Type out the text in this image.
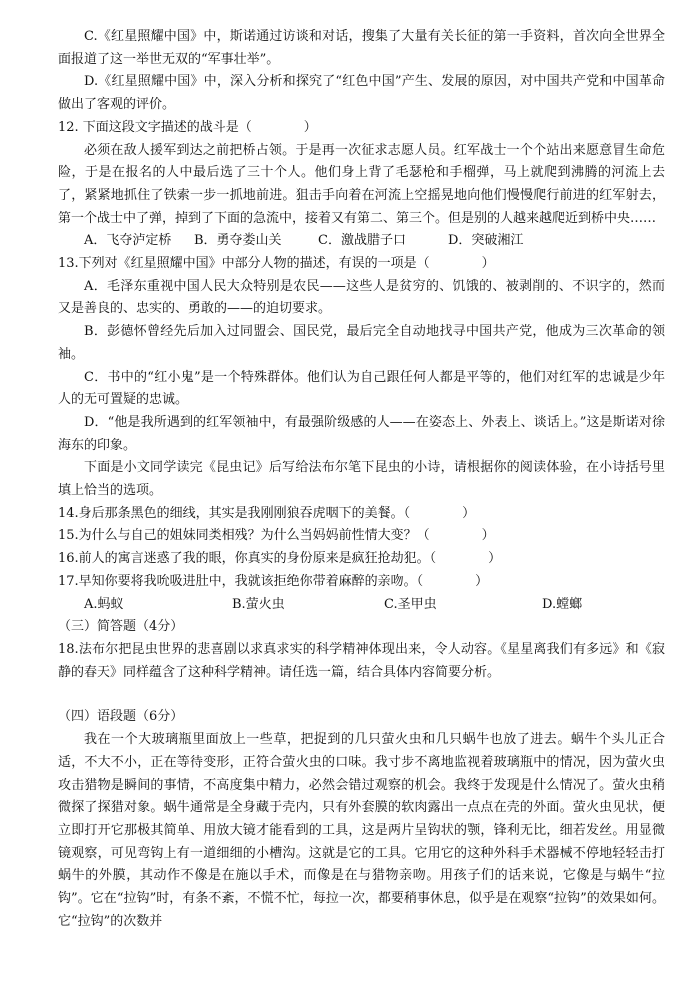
C.《红星照耀中国》中，斯诺通过访谈和对话，搜集了大量有关长征的第一手资料，首次向全世界全面报道了这一举世无双的“军事壮举”。

D.《红星照耀中国》中，深入分析和探究了“红色中国”产生、发展的原因，对中国共产党和中国革命做出了客观的评价。

12. 下面这段文字描述的战斗是（　　　　）

必须在敌人援军到达之前把桥占领。于是再一次征求志愿人员。红军战士一个个站出来愿意冒生命危险，于是在报名的人中最后选了三十个人。他们身上背了毛瑟枪和手榴弹，马上就爬到沸腾的河流上去了，紧紧地抓住了铁索一步一抓地前进。狙击手向着在河流上空摇晃地向他们慢慢爬行前进的红军射去，第一个战士中了弹，掉到了下面的急流中，接着又有第二、第三个。但是别的人越来越爬近到桥中央……

A．飞夺泸定桥	B．勇夺娄山关	C．激战腊子口	D．突破湘江

13.下列对《红星照耀中国》中部分人物的描述，有误的一项是（　　　　）

A．毛泽东重视中国人民大众特别是农民——这些人是贫穷的、饥饿的、被剥削的、不识字的，然而又是善良的、忠实的、勇敢的——的迫切要求。

B．彭德怀曾经先后加入过同盟会、国民党，最后完全自动地找寻中国共产党，他成为三次革命的领袖。

C．书中的“红小鬼”是一个特殊群体。他们认为自己跟任何人都是平等的，他们对红军的忠诚是少年人的无可置疑的忠诚。

D．“他是我所遇到的红军领袖中，有最强阶级感的人——在姿态上、外表上、谈话上。”这是斯诺对徐海东的印象。

下面是小文同学读完《昆虫记》后写给法布尔笔下昆虫的小诗，请根据你的阅读体验，在小诗括号里填上恰当的选项。

14.身后那条黑色的细线，其实是我刚刚狼吞虎咽下的美餐。（　　　　）

15.为什么与自己的姐妹同类相残？为什么当妈妈前性情大变？（　　　　）

16.前人的寓言迷惑了我的眼，你真实的身份原来是疯狂抢劫犯。（　　　　）

17.早知你要将我吮吸进肚中，我就该拒绝你带着麻醉的亲吻。（　　　　）

A.蚂蚁	B.萤火虫	C.圣甲虫	D.螳螂

（三）简答题（4分）

18.法布尔把昆虫世界的悲喜剧以求真求实的科学精神体现出来，令人动容。《星星离我们有多远》和《寂静的春天》同样蕴含了这种科学精神。请任选一篇，结合具体内容简要分析。

（四）语段题（6分）

我在一个大玻璃瓶里面放上一些草，把捉到的几只萤火虫和几只蜗牛也放了进去。蜗牛个头儿正合适，不大不小，正在等待变形，正符合萤火虫的口味。我寸步不离地监视着玻璃瓶中的情况，因为萤火虫攻击猎物是瞬间的事情，不高度集中精力，必然会错过观察的机会。我终于发现是什么情况了。萤火虫稍微探了探猎对象。蜗牛通常是全身藏于壳内，只有外套膜的软肉露出一点点在壳的外面。萤火虫见状，便立即打开它那极其简单、用放大镜才能看到的工具，这是两片呈钩状的颚，锋利无比，细若发丝。用显微镜观察，可见弯钩上有一道细细的小槽沟。这就是它的工具。它用它的这种外科手术器械不停地轻轻击打蜗牛的外膜，其动作不像是在施以手术，而像是在与猎物亲吻。用孩子们的话来说，它像是与蜗牛“拉钩”。它在“拉钩”时，有条不紊，不慌不忙，每拉一次，都要稍事休息，似乎是在观察“拉钩”的效果如何。它“拉钩”的次数并
